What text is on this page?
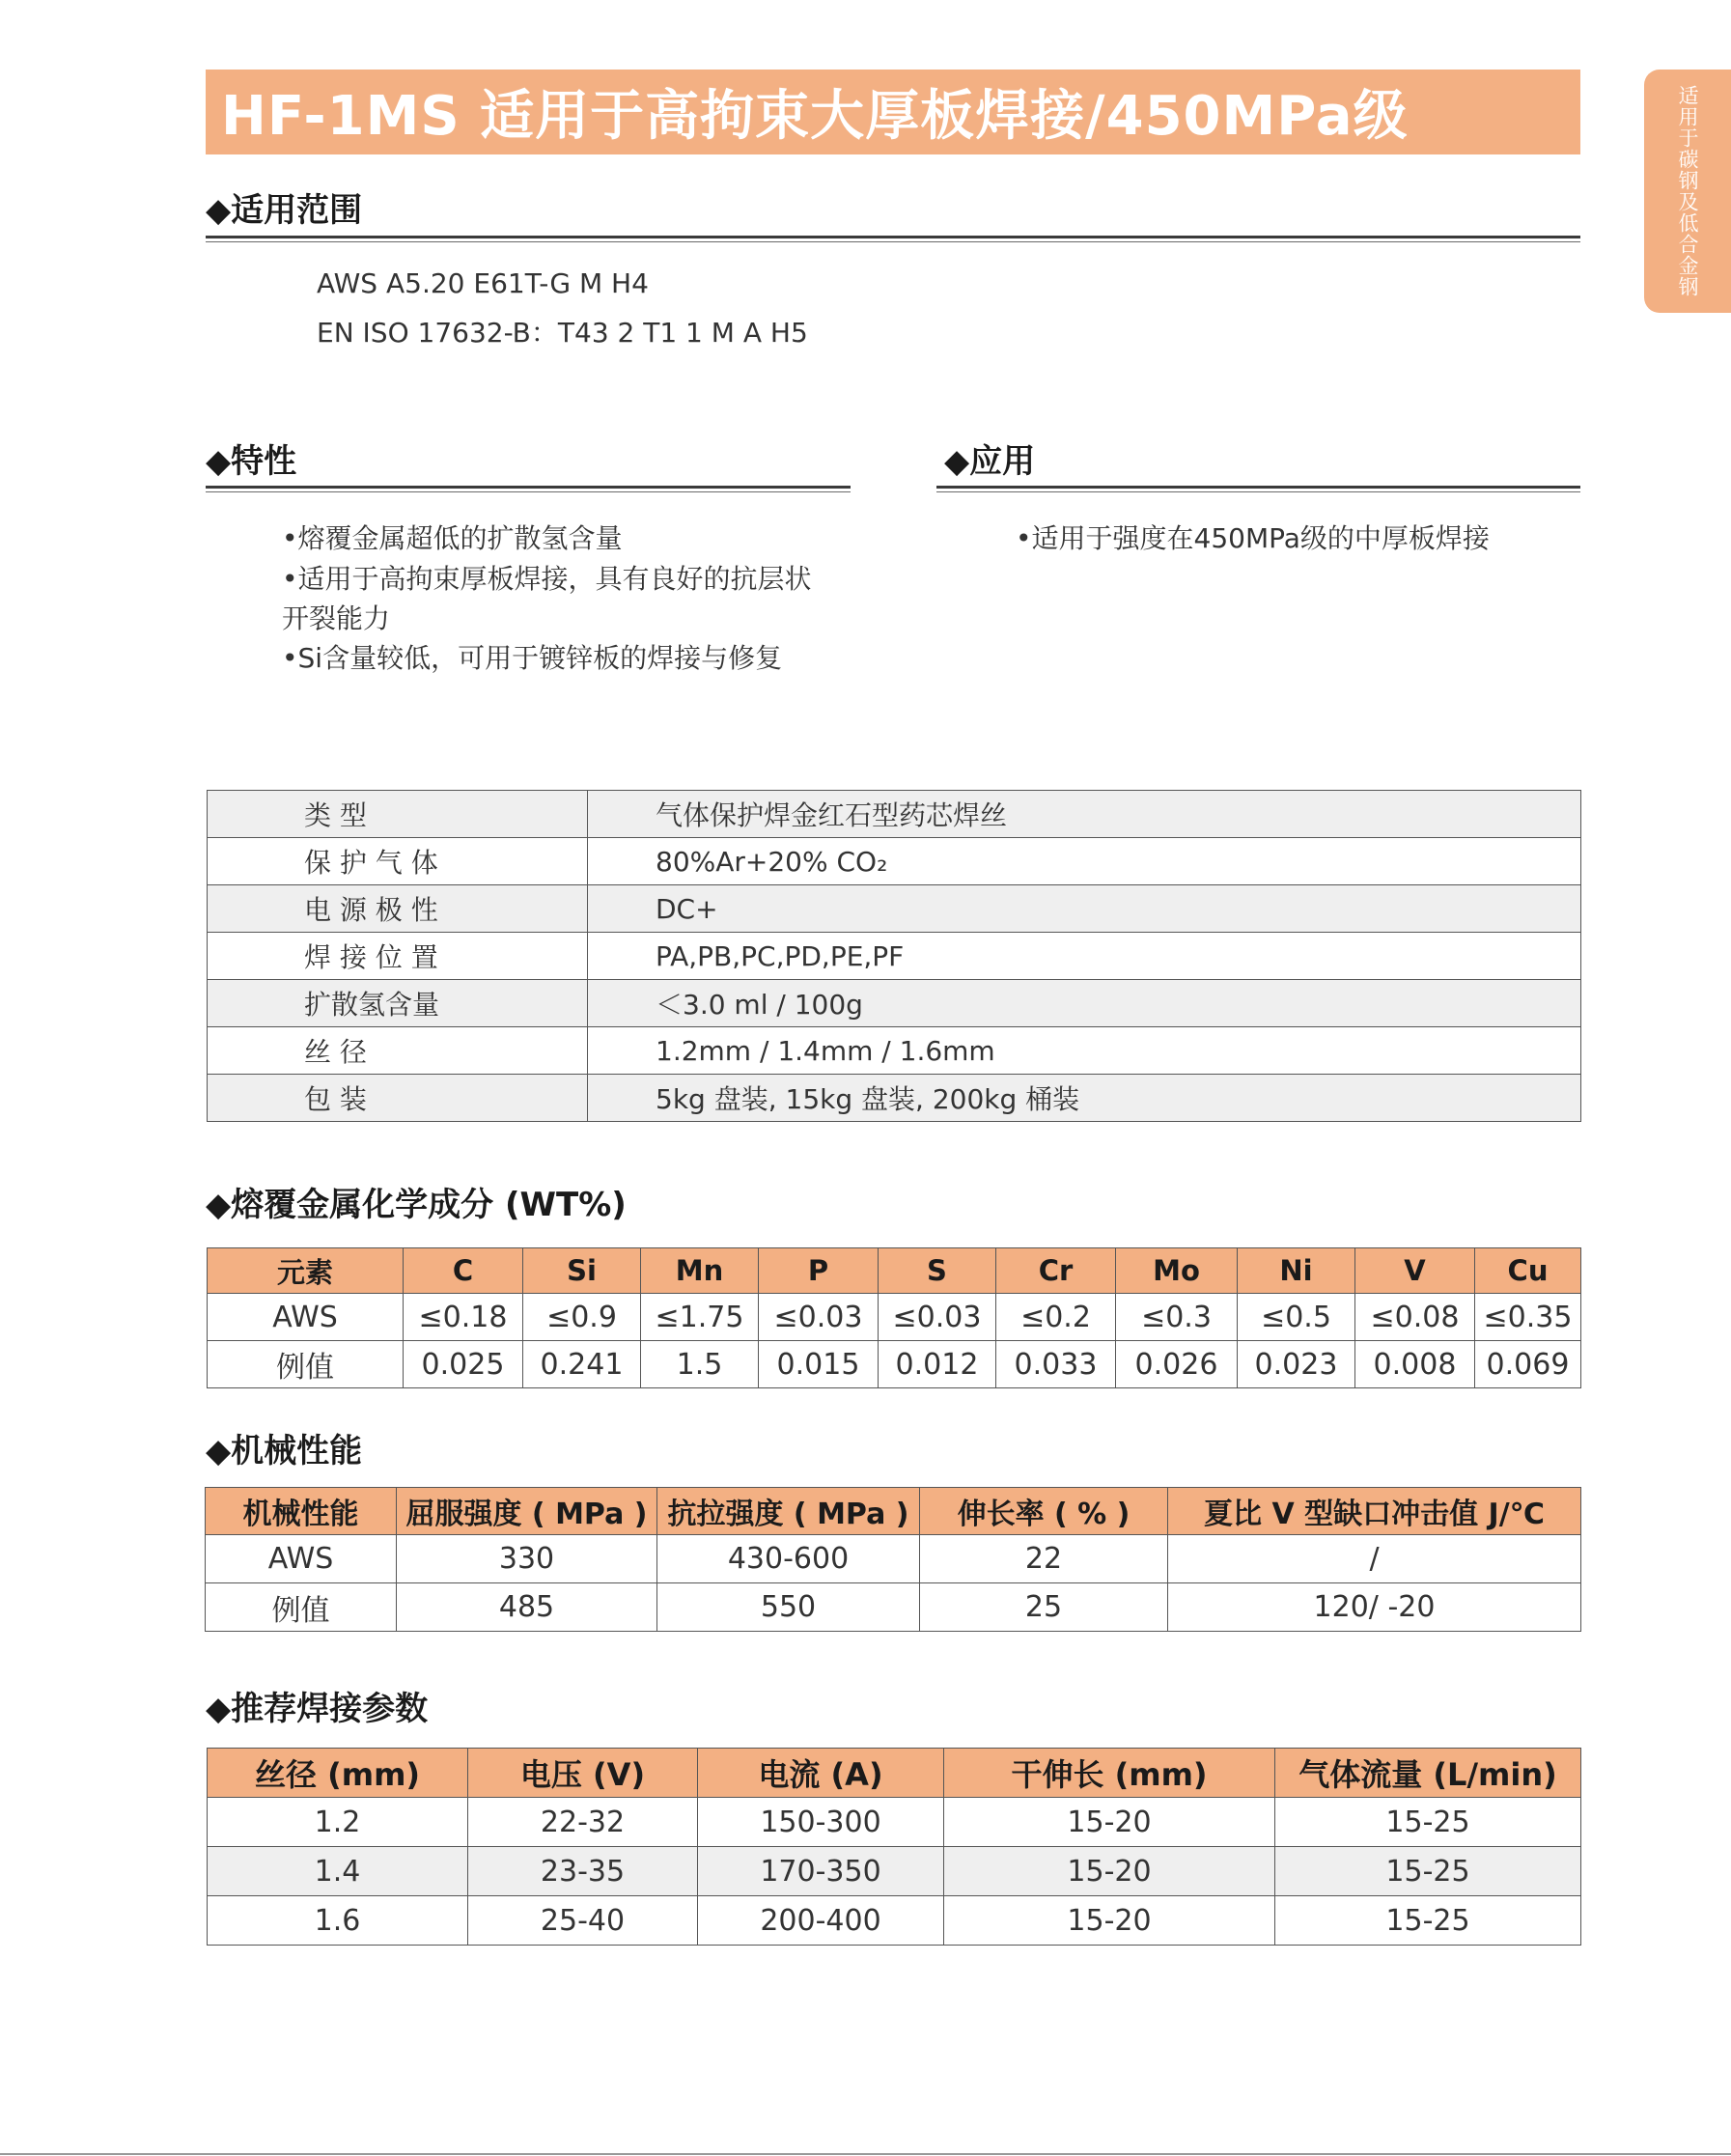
HF-1MS 适用于高拘束大厚板焊接/450MPa级	适用于碳钢及低合金钢
◆适用范围
AWS A5.20 E61T-G M H4
EN ISO 17632-B：T43 2 T1 1 M A H5
◆特性
•熔覆金属超低的扩散氢含量
•适用于高拘束厚板焊接，具有良好的抗层状
开裂能力
•Si含量较低，可用于镀锌板的焊接与修复
◆应用
•适用于强度在450MPa级的中厚板焊接
类 型	气体保护焊金红石型药芯焊丝
保 护 气 体	80%Ar+20% CO₂
电 源 极 性	DC+
焊 接 位 置	PA,PB,PC,PD,PE,PF
扩散氢含量	＜3.0 ml / 100g
丝 径	1.2mm / 1.4mm / 1.6mm
包 装	5kg 盘装, 15kg 盘装, 200kg 桶装
◆熔覆金属化学成分 (WT%)
元素	C	Si	Mn	P	S	Cr	Mo	Ni	V	Cu
AWS	≤0.18	≤0.9	≤1.75	≤0.03	≤0.03	≤0.2	≤0.3	≤0.5	≤0.08	≤0.35
例值	0.025	0.241	1.5	0.015	0.012	0.033	0.026	0.023	0.008	0.069
◆机械性能
机械性能	屈服强度 ( MPa )	抗拉强度 ( MPa )	伸长率 ( % )	夏比 V 型缺口冲击值 J/℃
AWS	330	430-600	22	/
例值	485	550	25	120/ -20
◆推荐焊接参数
丝径 (mm)	电压 (V)	电流 (A)	干伸长 (mm)	气体流量 (L/min)
1.2	22-32	150-300	15-20	15-25
1.4	23-35	170-350	15-20	15-25
1.6	25-40	200-400	15-20	15-25
